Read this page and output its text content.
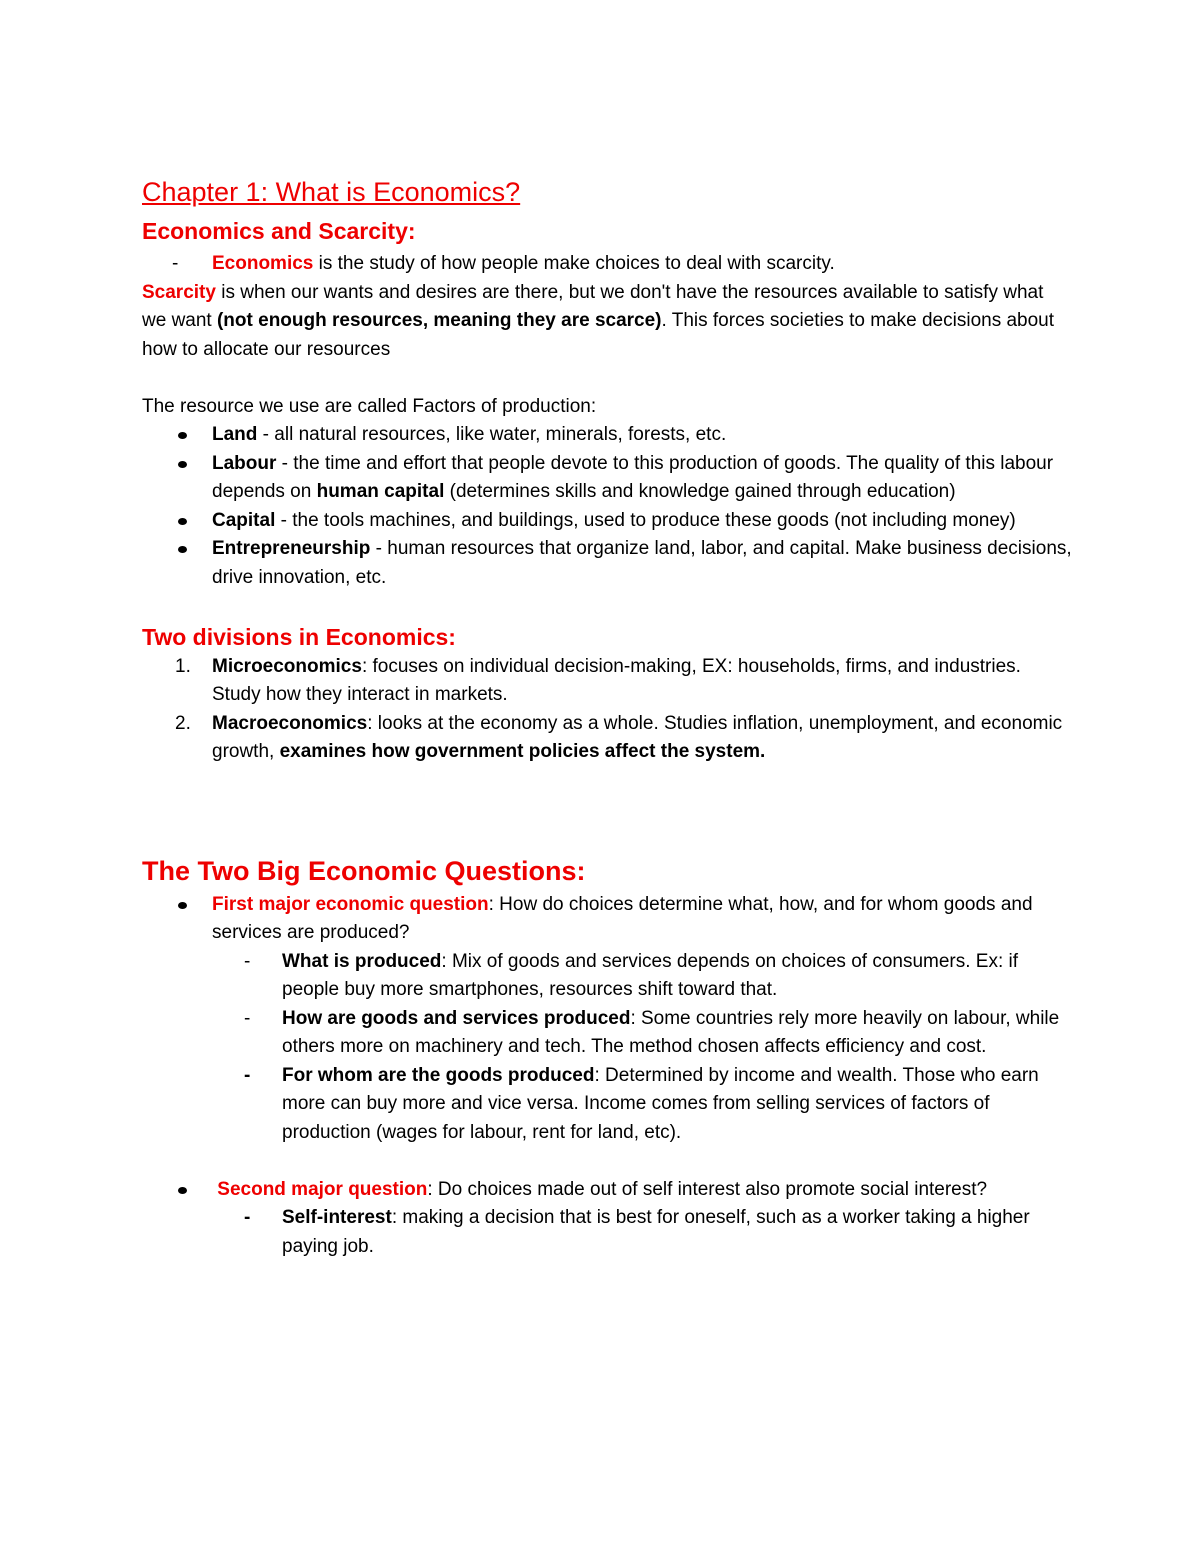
Chapter 1: What is Economics?
Economics and Scarcity:
-	Economics is the study of how people make choices to deal with scarcity.

Scarcity is when our wants and desires are there, but we don't have the resources available to satisfy what we want (not enough resources, meaning they are scarce). This forces societies to make decisions about how to allocate our resources

The resource we use are called Factors of production:

Land - all natural resources, like water, minerals, forests, etc.
Labour - the time and effort that people devote to this production of goods. The quality of this labour depends on human capital (determines skills and knowledge gained through education)
Capital - the tools machines, and buildings, used to produce these goods (not including money)
Entrepreneurship - human resources that organize land, labor, and capital. Make business decisions, drive innovation, etc.
Two divisions in Economics:
1.	Microeconomics: focuses on individual decision-making, EX: households, firms, and industries. Study how they interact in markets.
2.	Macroeconomics: looks at the economy as a whole. Studies inflation, unemployment, and economic growth, examines how government policies affect the system.
The Two Big Economic Questions:
First major economic question: How do choices determine what, how, and for whom goods and services are produced?
-	What is produced: Mix of goods and services depends on choices of consumers. Ex: if people buy more smartphones, resources shift toward that.
-	How are goods and services produced: Some countries rely more heavily on labour, while others more on machinery and tech. The method chosen affects efficiency and cost.
-	For whom are the goods produced: Determined by income and wealth. Those who earn more can buy more and vice versa. Income comes from selling services of factors of production (wages for labour, rent for land, etc).
Second major question: Do choices made out of self interest also promote social interest?
-	Self-interest: making a decision that is best for oneself, such as a worker taking a higher paying job.
